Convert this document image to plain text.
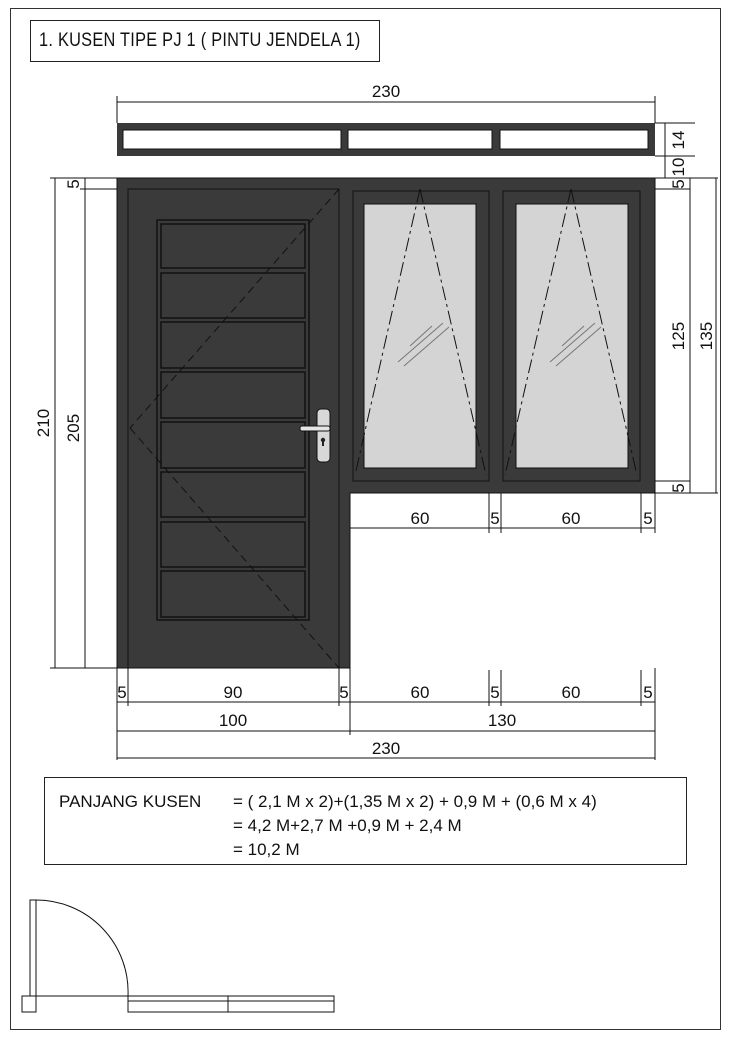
1. KUSEN TIPE PJ 1 ( PINTU JENDELA 1)
230
14
10
5
125 135
5
5
205
210
60	5	60	5
5	90	5	60	5	60	5
100	130
230
PANJANG KUSEN = ( 2,1 M x 2)+(1,35 M x 2) + 0,9 M + (0,6 M x 4)
= 4,2 M+2,7 M +0,9 M + 2,4 M
= 10,2 M
